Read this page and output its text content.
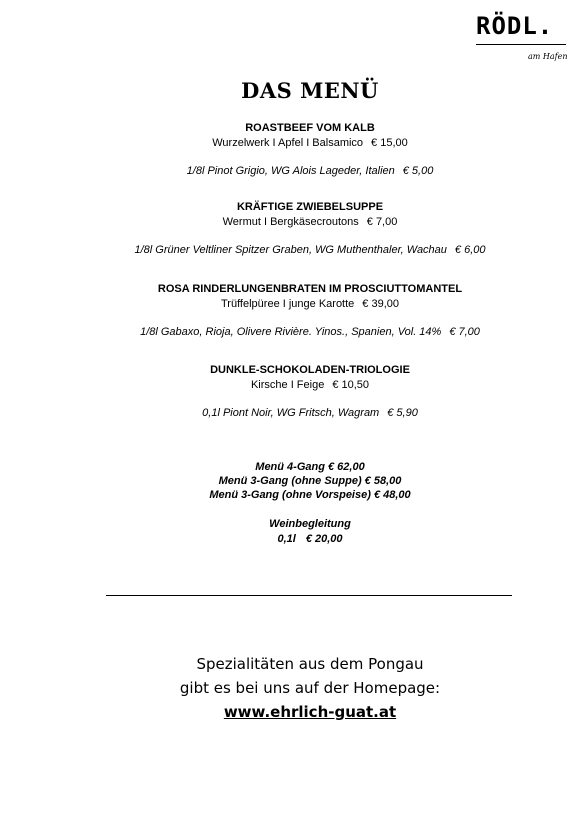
RÖDL.
am Hafen
DAS MENÜ
ROASTBEEF VOM KALB
Wurzelwerk I Apfel I Balsamico € 15,00
1/8l Pinot Grigio, WG Alois Lageder, Italien € 5,00
KRÄFTIGE ZWIEBELSUPPE
Wermut I Bergkäsecroutons € 7,00
1/8l Grüner Veltliner Spitzer Graben, WG Muthenthaler, Wachau € 6,00
ROSA RINDERLUNGENBRATEN IM PROSCIUTTOMANTEL
Trüffelpüree I junge Karotte € 39,00
1/8l Gabaxo, Rioja, Olivere Rivière. Yinos., Spanien, Vol. 14% € 7,00
DUNKLE-SCHOKOLADEN-TRIOLOGIE
Kirsche I Feige € 10,50
0,1l Piont Noir, WG Fritsch, Wagram € 5,90
Menü 4-Gang € 62,00
Menü 3-Gang (ohne Suppe) € 58,00
Menü 3-Gang (ohne Vorspeise) € 48,00
Weinbegleitung
0,1l € 20,00
Spezialitäten aus dem Pongau
gibt es bei uns auf der Homepage:
www.ehrlich-guat.at
